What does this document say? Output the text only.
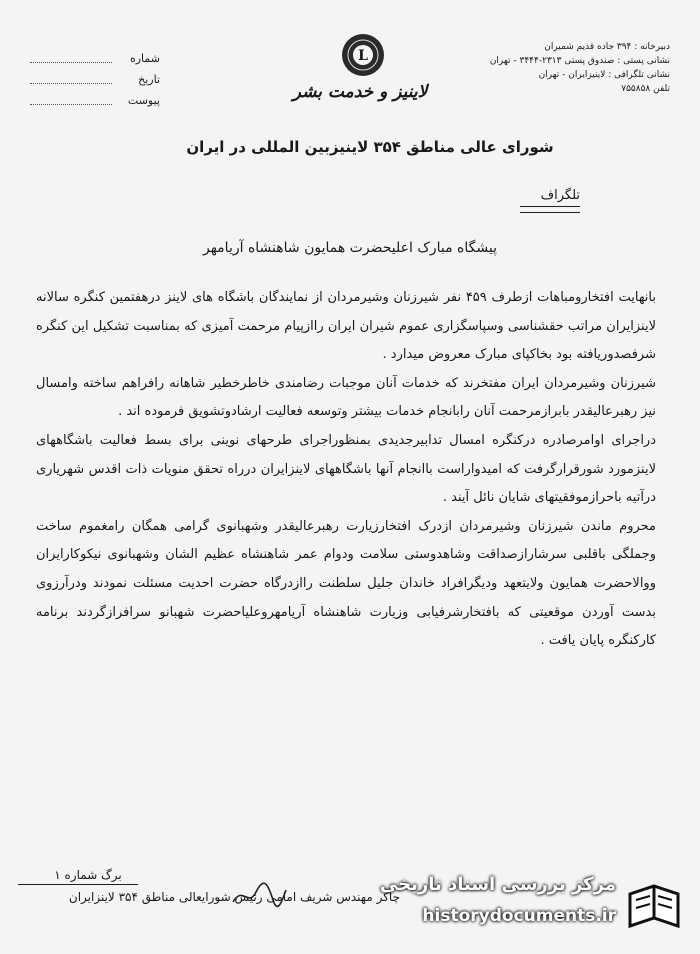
شماره
تاریخ
پیوست
L
لاینیز و خدمت بشر
دبیرخانه : ۳۹۴ جاده قدیم شمیران
نشانی پستی : صندوق پستی ۲۳۱۳-۳۴۴۴ - تهران
نشانی تلگرافی : لاینیزایران - تهران
تلفن ۷۵۵۸۵۸
شورای عالی مناطق ۳۵۴ لاینیزبین المللی در ایران
تلگراف
پیشگاه مبارک اعلیحضرت همایون شاهنشاه آریامهر

بانهایت افتخارومباهات ازطرف ۴۵۹ نفر شیرزنان وشیرمردان از نمایندگان باشگاه های لاینز درهفتمین کنگره سالانه لاینزایران مراتب حقشناسی وسپاسگزاری عموم شیران ایران راازپیام مرحمت آمیزی که بمناسبت تشکیل این کنگره شرفصدوریافته بود بخاکپای مبارک معروض میدارد .

شیرزنان وشیرمردان ایران مفتخرند که خدمات آنان موجبات رضامندی خاطرخطیر شاهانه رافراهم ساخته وامسال نیز رهبرعالیقدر بابرازمرحمت آنان رابانجام خدمات بیشتر وتوسعه فعالیت ارشادوتشویق فرموده اند .

دراجرای اوامرصادره درکنگره امسال تدابیرجدیدی بمنظوراجرای طرحهای نوینی برای بسط فعالیت باشگاههای لاینزمورد شورقرارگرفت که امیدواراست باانجام آنها باشگاههای لاینزایران درراه تحقق منویات ذات اقدس شهریاری درآتیه باحرازموفقیتهای شایان نائل آیند .

محروم ماندن شیرزنان وشیرمردان ازدرک افتخارزیارت رهبرعالیقدر وشهبانوی گرامی همگان رامغموم ساخت وجملگی باقلبی سرشارازصداقت وشاهدوستی سلامت ودوام عمر شاهنشاه عظیم الشان وشهبانوی نیکوکارایران ووالاحضرت همایون ولایتعهد ودیگرافراد خاندان جلیل سلطنت راازدرگاه حضرت احدیت مسئلت نمودند ودرآرزوی بدست آوردن موقعیتی که بافتخارشرفیابی وزیارت شاهنشاه آریامهروعلیاحضرت شهبانو سرافرازگردند برنامه کارکنگره پایان یافت .

برگ شماره ۱
چاکر مهندس شریف امامی رئیس شورایعالی مناطق ۳۵۴ لاینزایران
مرکز بررسی اسناد تاریخی
historydocuments.ir
